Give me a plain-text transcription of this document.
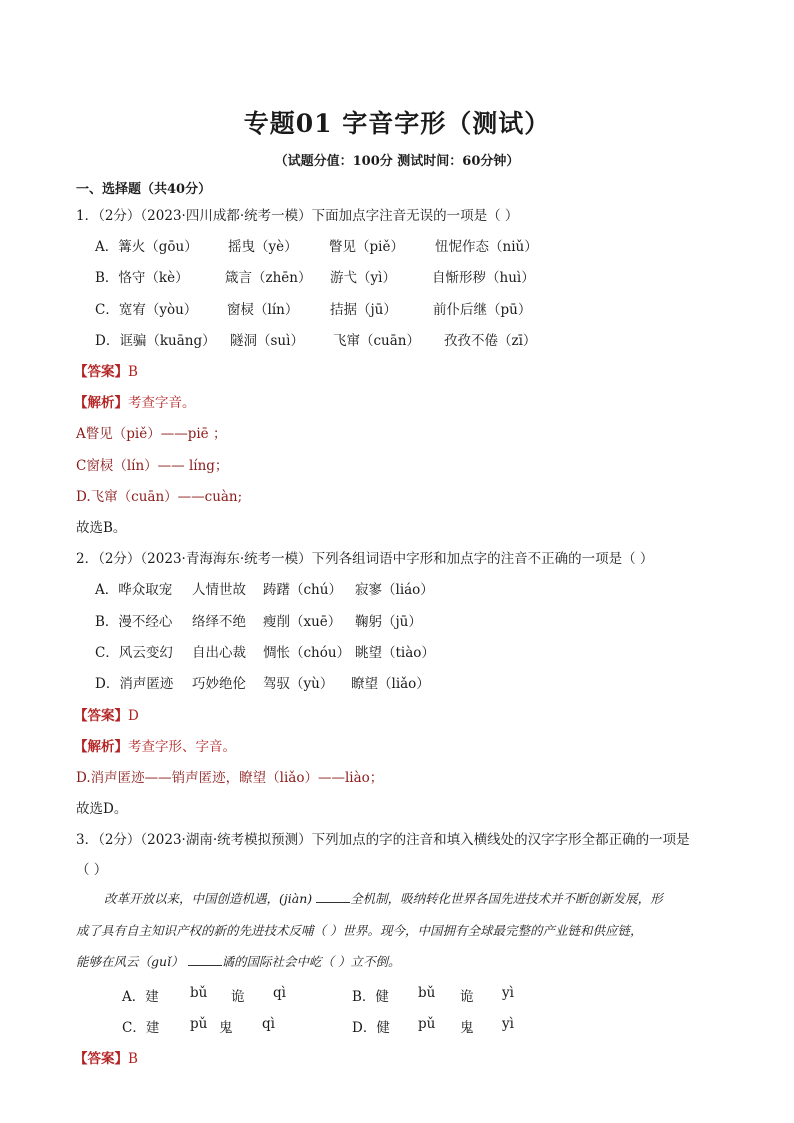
专题01 字音字形（测试）
（试题分值：100分 测试时间：60分钟）
一、选择题（共40分）
1．（2分）（2023·四川成都·统考一模）下面加点字注音无误的一项是（ ）
A．篝火（gōu） 摇曳（yè） 瞥见（piě） 忸怩作态（niǔ）
B．恪守（kè）	箴言（zhēn） 游弋（yì）	自惭形秽（huì）
C．宽宥（yòu） 窗棂（lín） 拮据（jū）	前仆后继（pū）
D．诓骗（kuāng） 隧洞（suì） 飞窜（cuān） 孜孜不倦（zī）
【答案】B
【解析】考查字音。
A瞥见（piě）——piē ；
C窗棂（lín）—— líng；
D.飞窜（cuān）——cuàn;
故选B。
2．（2分）（2023·青海海东·统考一模）下列各组词语中字形和加点字的注音不正确的一项是（ ）
A．哗众取宠 人情世故 踌躇（chú） 寂寥（liáo）
B．漫不经心 络绎不绝 瘦削（xuē） 鞠躬（jū）
C．风云变幻 自出心裁 惆怅（chóu） 眺望（tiào）
D．消声匿迹 巧妙绝伦 驾驭（yù） 瞭望（liǎo）
【答案】D
【解析】考查字形、字音。
D.消声匿迹——销声匿迹，瞭望（liǎo）——liào；
故选D。
3．（2分）（2023·湖南·统考模拟预测）下列加点的字的注音和填入横线处的汉字字形全都正确的一项是
（ ）
改革开放以来，中国创造机遇，(jiàn)	全机制，吸纳转化世界各国先进技术并不断创新发展，形
成了具有自主知识产权的新的先进技术反哺（ ）世界。现今，中国拥有全球最完整的产业链和供应链，
能够在风云（guǐ）	谲的国际社会中屹（ ）立不倒。
A．建 bǔ 诡 qì	B．健 bǔ 诡 yì
C．建 pǔ 鬼 qì	D．健 pǔ 鬼 yì
【答案】B
